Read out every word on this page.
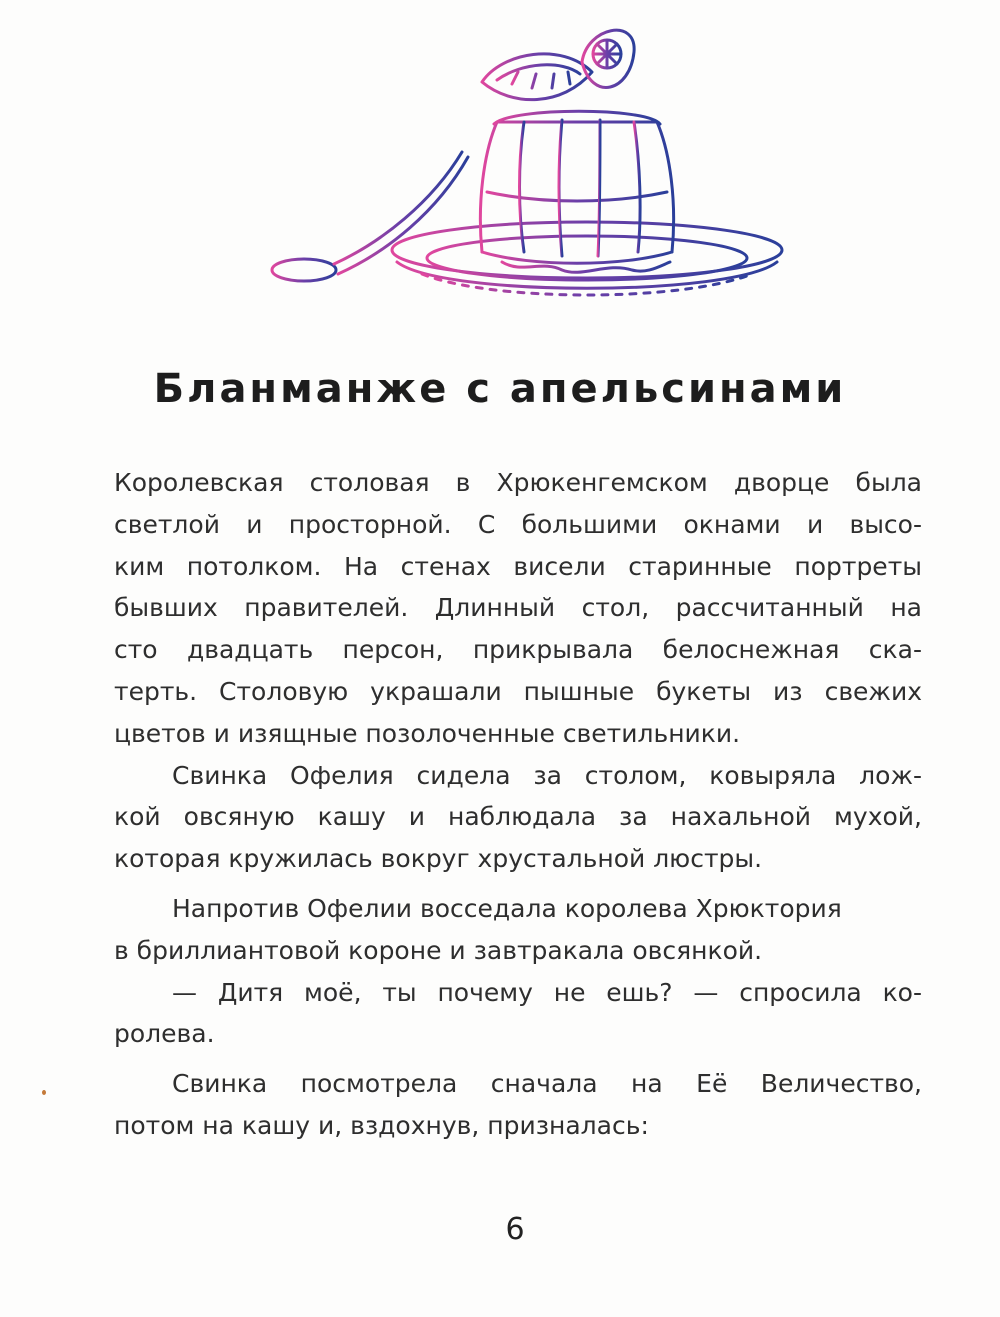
Бланманже с апельсинами
Королевская столовая в Хрюкенгемском дворце была
светлой и просторной. С большими окнами и высо-
ким потолком. На стенах висели старинные портреты
бывших правителей. Длинный стол, рассчитанный на
сто двадцать персон, прикрывала белоснежная ска-
терть. Столовую украшали пышные букеты из свежих
цветов и изящные позолоченные светильники.
Свинка Офелия сидела за столом, ковыряла лож-
кой овсяную кашу и наблюдала за нахальной мухой,
которая кружилась вокруг хрустальной люстры.
Напротив Офелии восседала королева Хрюктория
в бриллиантовой короне и завтракала овсянкой.
— Дитя моё, ты почему не ешь? — спросила ко-
ролева.
Свинка посмотрела сначала на Её Величество,
потом на кашу и, вздохнув, призналась:
6
